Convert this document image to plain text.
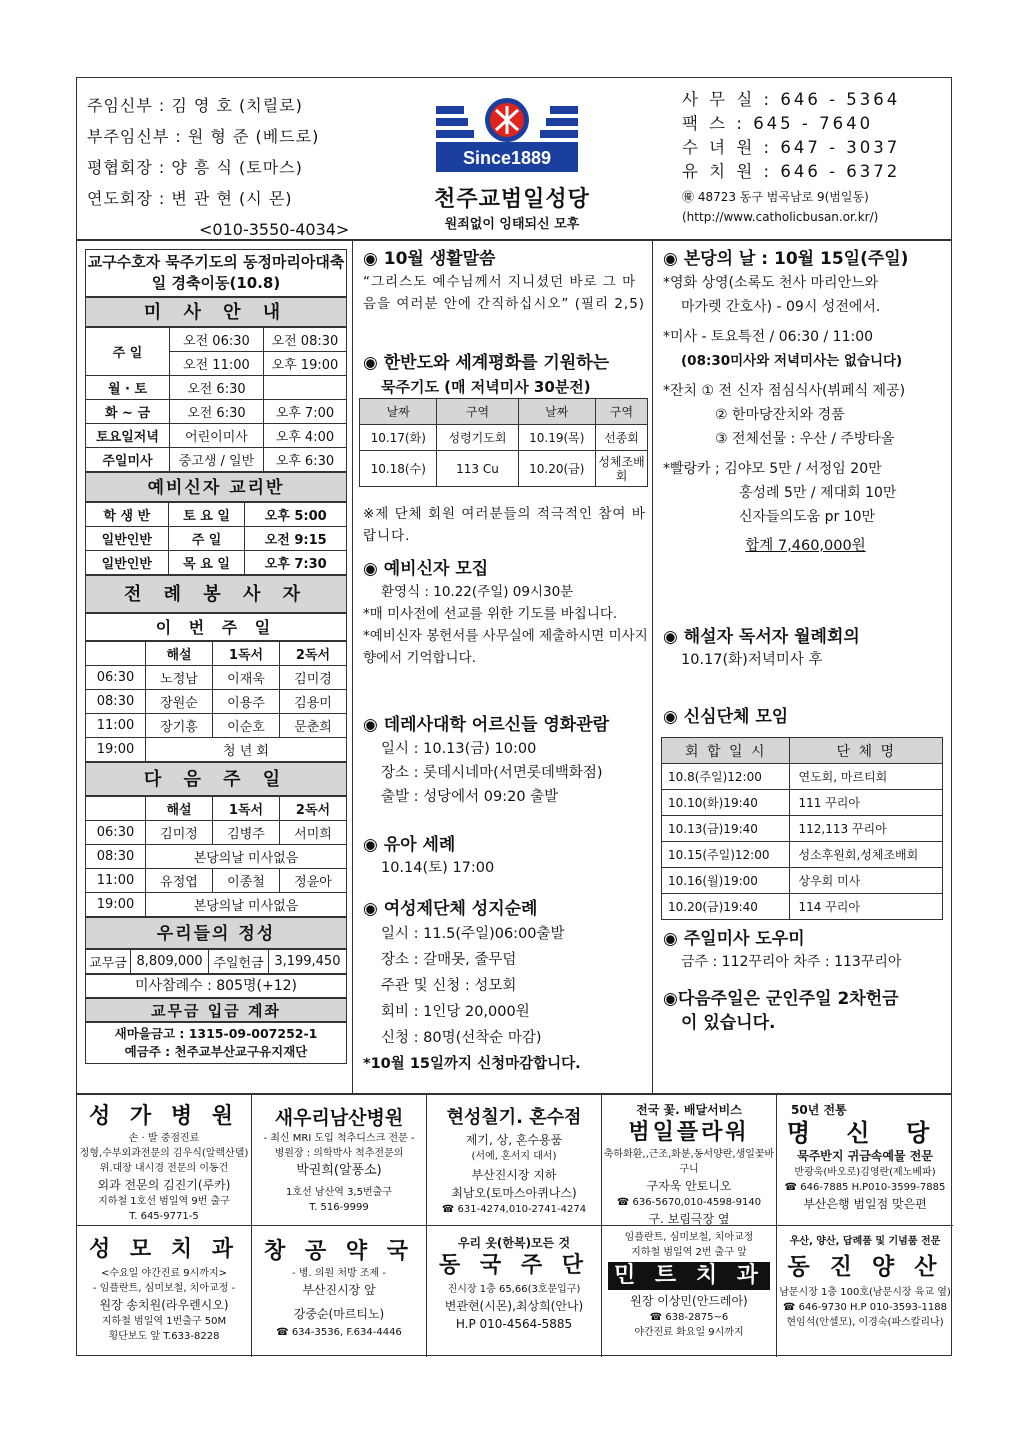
주임신부 : 김 영 호 (치릴로)
부주임신부 : 원 형 준 (베드로)
평협회장 : 양 흥 식 (토마스)
연도회장 : 변 관 현 (시 몬)
<010-3550-4034>
Since1889
천주교범일성당
원죄없이 잉태되신 모후
사 무 실 : 646 - 5364
팩 스 : 645 - 7640
수 녀 원 : 647 - 3037
유 치 원 : 646 - 6372
㊝ 48723 동구 범곡남로 9(범일동)
(http://www.catholicbusan.or.kr/)
교구수호자 묵주기도의 동정마리아대축일 경축이동(10.8)
미 사 안 내
주 일	오전 06:30	오전 08:30
	오전 11:00	오후 19:00
월 · 토	오전 6:30	
화 ~ 금	오전 6:30	오후 7:00
토요일저녁	어린이미사	오후 4:00
주일미사	중고생 / 일반	오후 6:30
예비신자 교리반
학 생 반	토 요 일	오후 5:00
일반인반	주 일	오전 9:15
일반인반	목 요 일	오후 7:30
전 례 봉 사 자
이 번 주 일
	해설	1독서	2독서
06:30	노정남	이재욱	김미경
08:30	장원순	이용주	김용미
11:00	장기흥	이순호	문춘희
19:00	청 년 회		
다 음 주 일
	해설	1독서	2독서
06:30	김미정	김병주	서미희
08:30	본당의날 미사없음		
11:00	유정엽	이종철	정윤아
19:00	본당의날 미사없음		
우리들의 정성
교무금	8,809,000	주일헌금	3,199,450
미사참례수 : 805명(+12)
교무금 입금 계좌
새마을금고 : 1315-09-007252-1
예금주 : 천주교부산교구유지재단
◉ 10월 생활말씀

“그리스도 예수님께서 지니셨던 바로 그 마음을 여러분 안에 간직하십시오” (필리 2,5)

◉ 한반도와 세계평화를 기원하는
묵주기도 (매 저녁미사 30분전)
날짜	구역	날짜	구역
10.17(화)	성령기도회	10.19(목)	선종회
10.18(수)	113 Cu	10.20(금)	성체조배회

※제 단체 회원 여러분들의 적극적인 참여 바랍니다.

◉ 예비신자 모집

환영식 : 10.22(주일) 09시30분

*매 미사전에 선교를 위한 기도를 바칩니다.

*예비신자 봉헌서를 사무실에 제출하시면 미사지향에서 기억합니다.

◉ 데레사대학 어르신들 영화관람

일시 : 10.13(금) 10:00

장소 : 롯데시네마(서면롯데백화점)

출발 : 성당에서 09:20 출발

◉ 유아 세례

10.14(토) 17:00

◉ 여성제단체 성지순례

일시 : 11.5(주일)06:00출발

장소 : 갈매못, 줄무덤

주관 및 신청 : 성모회

회비 : 1인당 20,000원

신청 : 80명(선착순 마감)

*10월 15일까지 신청마감합니다.

◉ 본당의 날 : 10월 15일(주일)

*영화 상영(소록도 천사 마리안느와

마가렛 간호사) - 09시 성전에서.

*미사 - 토요특전 / 06:30 / 11:00

(08:30미사와 저녁미사는 없습니다)

*잔치 ① 전 신자 점심식사(뷔페식 제공)

② 한마당잔치와 경품

③ 전체선물 : 우산 / 주방타올

*빨랑카 ; 김야모 5만 / 서정임 20만

홍성례 5만 / 제대회 10만

신자들의도움 pr 10만

합계 7,460,000원

◉ 해설자 독서자 월례회의

10.17(화)저녁미사 후

◉ 신심단체 모임
회 합 일 시	단 체 명
10.8(주일)12:00	연도회, 마르티회
10.10(화)19:40	111 꾸리아
10.13(금)19:40	112,113 꾸리아
10.15(주일)12:00	성소후원회,성체조배회
10.16(월)19:00	상우회 미사
10.20(금)19:40	114 꾸리아
◉ 주일미사 도우미

금주 : 112꾸리아 차주 : 113꾸리아

◉다음주일은 군인주일 2차헌금
이 있습니다.
성 가 병 원
손 · 발 중점진료
정형,수부외과전문의 김우식(알렉산델)
위.대장 내시경 전문의 이동건
외과 전문의 김진기(루카)
지하철 1호선 범일역 9번 출구
T. 645-9771-5
새우리남산병원
- 최신 MRI 도입 척추디스크 전문 -
병원장 : 의학박사 척추전문의
박권희(알퐁소)
1호선 남산역 3,5번출구
T. 516-9999
현성칠기. 혼수점
제기, 상, 혼수용품
(서예, 혼서지 대서)
부산진시장 지하
최남오(토마스아퀴나스)
☎ 631-4274,010-2741-4274
전국 꽃. 배달서비스
범일플라워
축하화환,,근조,화분,동서양란,생일꽃바구니
구자욱 안토니오
☎ 636-5670,010-4598-9140
구. 보림극장 옆
50년 전통
명 신 당
묵주반지 귀금속예물 전문
반광욱(바오로)김영란(제노베파)
☎ 646-7885 H.P010-3599-7885
부산은행 범일점 맞은편
성 모 치 과
<수요일 야간진료 9시까지>
- 임플란트, 심미보철, 치아교정 -
원장 송치원(라우렌시오)
지하철 범일역 1번출구 50M
횡단보도 앞 T.633-8228
창 공 약 국
- 병. 의원 처방 조제 -
부산진시장 앞
강중순(마르티노)
☎ 634-3536, F.634-4446
우리 옷(한복)모든 것
동 국 주 단
진시장 1층 65,66(3호문입구)
변관현(시몬),최상희(안나)
H.P 010-4564-5885
임플란트, 심미보철, 치아교정
지하철 범일역 2번 출구 앞
민 트 치 과
원장 이상민(안드레아)
☎ 638-2875~6
야간진료 화요일 9시까지
우산, 양산, 답례품 및 기념품 전문
동 진 양 산
남문시장 1층 100호(남문시장 육교 옆)
☎ 646-9730 H.P 010-3593-1188
현임석(안셀모), 이경숙(파스칼리나)
